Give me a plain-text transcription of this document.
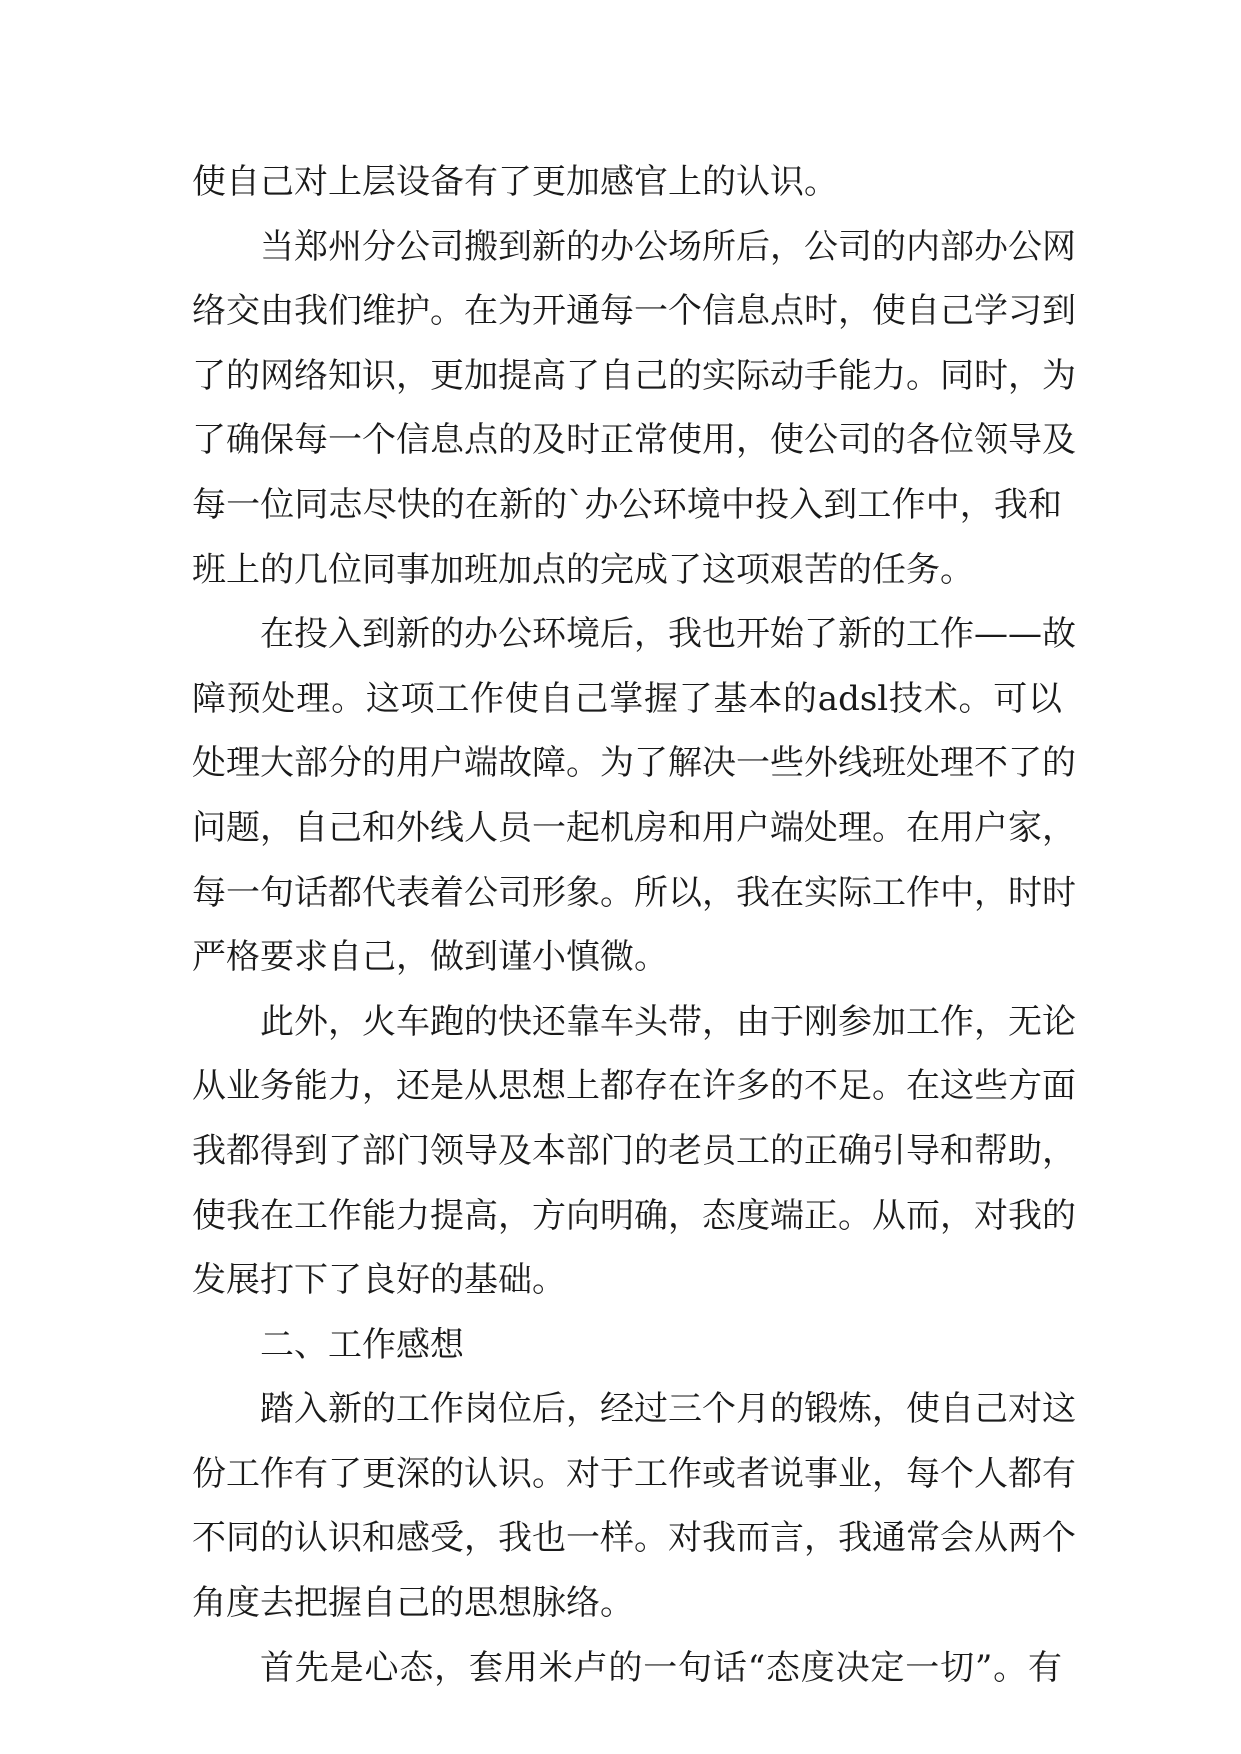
使自己对上层设备有了更加感官上的认识。
当郑州分公司搬到新的办公场所后，公司的内部办公网
络交由我们维护。在为开通每一个信息点时，使自己学习到
了的网络知识，更加提高了自己的实际动手能力。同时，为
了确保每一个信息点的及时正常使用，使公司的各位领导及
每一位同志尽快的在新的`办公环境中投入到工作中，我和
班上的几位同事加班加点的完成了这项艰苦的任务。
在投入到新的办公环境后，我也开始了新的工作——故
障预处理。这项工作使自己掌握了基本的adsl技术。可以
处理大部分的用户端故障。为了解决一些外线班处理不了的
问题，自己和外线人员一起机房和用户端处理。在用户家，
每一句话都代表着公司形象。所以，我在实际工作中，时时
严格要求自己，做到谨小慎微。
此外，火车跑的快还靠车头带，由于刚参加工作，无论
从业务能力，还是从思想上都存在许多的不足。在这些方面
我都得到了部门领导及本部门的老员工的正确引导和帮助，
使我在工作能力提高，方向明确，态度端正。从而，对我的
发展打下了良好的基础。
二、工作感想
踏入新的工作岗位后，经过三个月的锻炼，使自己对这
份工作有了更深的认识。对于工作或者说事业，每个人都有
不同的认识和感受，我也一样。对我而言，我通常会从两个
角度去把握自己的思想脉络。
首先是心态，套用米卢的一句话“态度决定一切”。有
